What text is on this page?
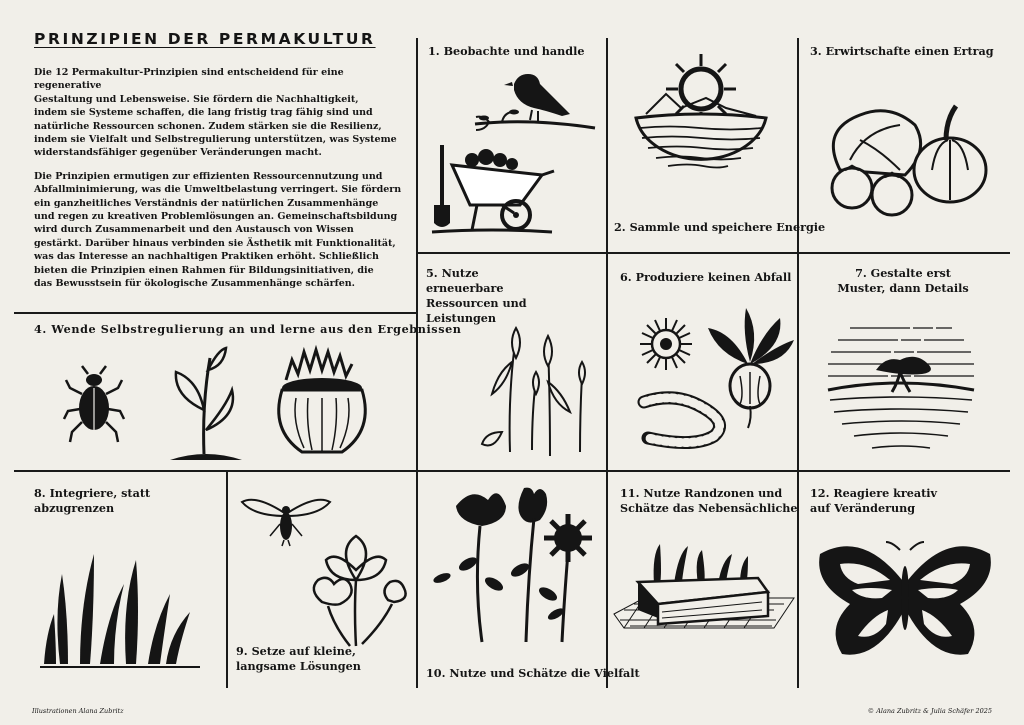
PRINZIPIEN DER PERMAKULTUR

Die 12 Permakultur-Prinzipien sind entscheidend für eine regenerative
Gestaltung und Lebensweise. Sie fördern die Nachhaltigkeit,
indem sie Systeme schaffen, die lang fristig trag fähig sind und
natürliche Ressourcen schonen. Zudem stärken sie die Resilienz,
indem sie Vielfalt und Selbstregulierung unterstützen, was Systeme
widerstandsfähiger gegenüber Veränderungen macht.

Die Prinzipien ermutigen zur effizienten Ressourcennutzung und
Abfallminimierung, was die Umweltbelastung verringert. Sie fördern
ein ganzheitliches Verständnis der natürlichen Zusammenhänge
und regen zu kreativen Problemlösungen an. Gemeinschaftsbildung
wird durch Zusammenarbeit und den Austausch von Wissen
gestärkt. Darüber hinaus verbinden sie Ästhetik mit Funktionalität,
was das Interesse an nachhaltigen Praktiken erhöht. Schließlich
bieten die Prinzipien einen Rahmen für Bildungsinitiativen, die
das Bewusstsein für ökologische Zusammenhänge schärfen.

1. Beobachte und handle
2. Sammle und speichere Energie
3. Erwirtschafte einen Ertrag
4. Wende Selbstregulierung an und lerne aus den Ergebnissen
5. Nutze
erneuerbare
Ressourcen und
Leistungen
6. Produziere keinen Abfall	7. Gestalte erst
Muster, dann Details
8. Integriere, statt
abzugrenzen
9. Setze auf kleine,
langsame Lösungen	10. Nutze und Schätze die Vielfalt
11. Nutze Randzonen und
Schätze das Nebensächliche
12. Reagiere kreativ
auf Veränderung
Illustrationen Alana Zubritz	© Alana Zubritz & Julia Schäfer 2025
